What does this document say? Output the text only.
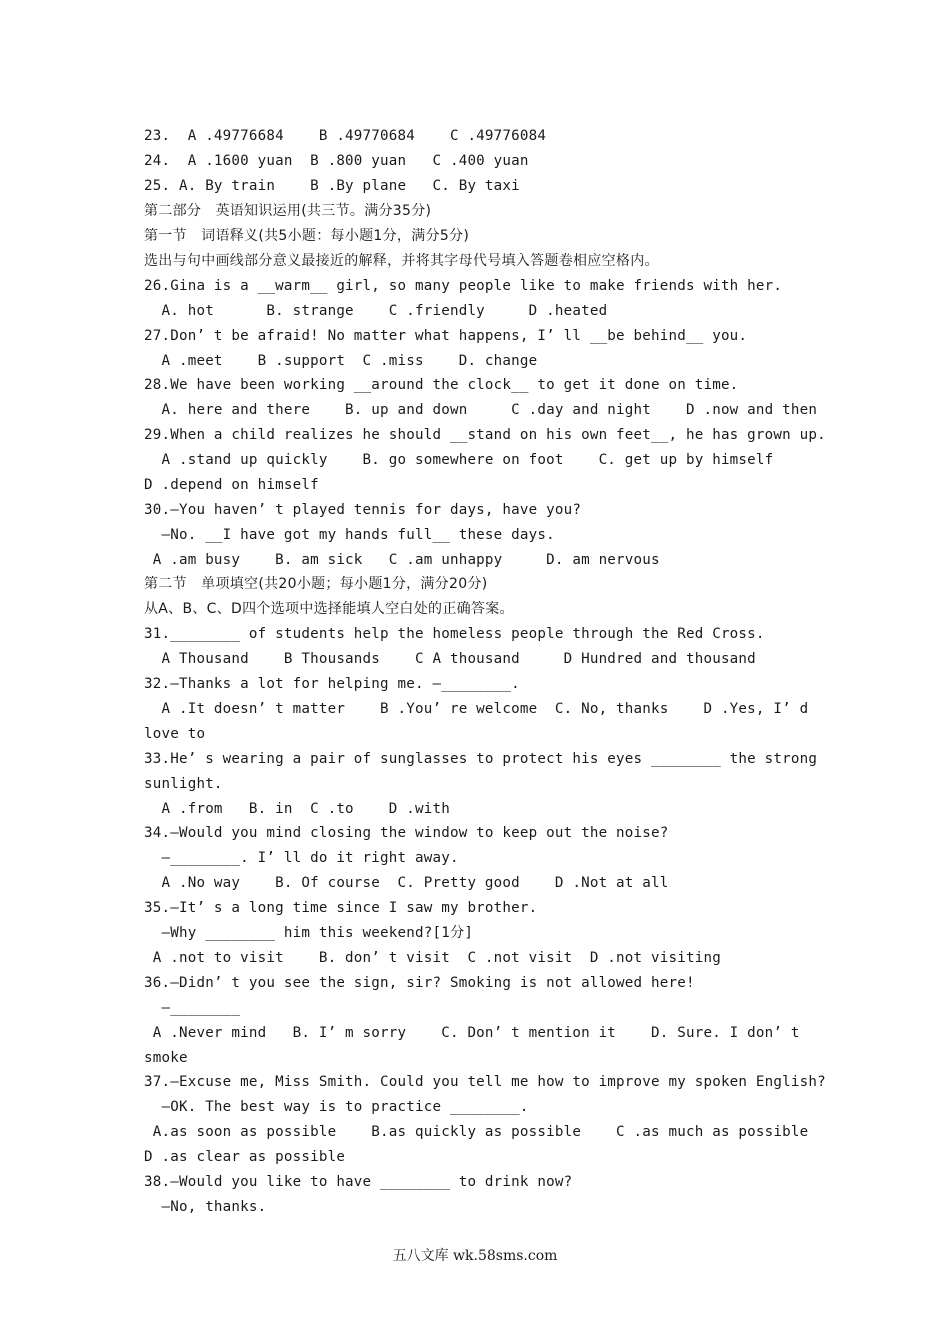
23.  A .49776684    B .49770684    C .49776084
24.  A .1600 yuan  B .800 yuan   C .400 yuan
25. A. By train    B .By plane   C. By taxi
第二部分   英语知识运用(共三节。满分35分)
第一节   词语释义(共5小题：每小题1分，满分5分)
选出与句中画线部分意义最接近的解释，并将其字母代号填入答题卷相应空格内。
26.Gina is a __warm__ girl, so many people like to make friends with her.
A. hot      B. strange    C .friendly     D .heated
27.Don’ t be afraid! No matter what happens, I’ ll __be behind__ you.
A .meet    B .support  C .miss    D. change
28.We have been working __around the clock__ to get it done on time.
A. here and there    B. up and down     C .day and night    D .now and then
29.When a child realizes he should __stand on his own feet__, he has grown up.
A .stand up quickly    B. go somewhere on foot    C. get up by himself
D .depend on himself
30.—You haven’ t played tennis for days, have you?
—No. __I have got my hands full__ these days.
A .am busy    B. am sick   C .am unhappy     D. am nervous
第二节   单项填空(共20小题；每小题1分，满分20分)
从A、B、C、D四个选项中选择能填人空白处的正确答案。
31.________ of students help the homeless people through the Red Cross.
A Thousand    B Thousands    C A thousand     D Hundred and thousand
32.—Thanks a lot for helping me. —________.
A .It doesn’ t matter    B .You’ re welcome  C. No, thanks    D .Yes, I’ d
love to
33.He’ s wearing a pair of sunglasses to protect his eyes ________ the strong
sunlight.
A .from   B. in  C .to    D .with
34.—Would you mind closing the window to keep out the noise?
—________. I’ ll do it right away.
A .No way    B. Of course  C. Pretty good    D .Not at all
35.—It’ s a long time since I saw my brother.
—Why ________ him this weekend?[1分]
A .not to visit    B. don’ t visit  C .not visit  D .not visiting
36.—Didn’ t you see the sign, sir? Smoking is not allowed here!
—________
A .Never mind   B. I’ m sorry    C. Don’ t mention it    D. Sure. I don’ t
smoke
37.—Excuse me, Miss Smith. Could you tell me how to improve my spoken English?
—OK. The best way is to practice ________.
A.as soon as possible    B.as quickly as possible    C .as much as possible
D .as clear as possible
38.—Would you like to have ________ to drink now?
—No, thanks.
五八文库 wk.58sms.com
